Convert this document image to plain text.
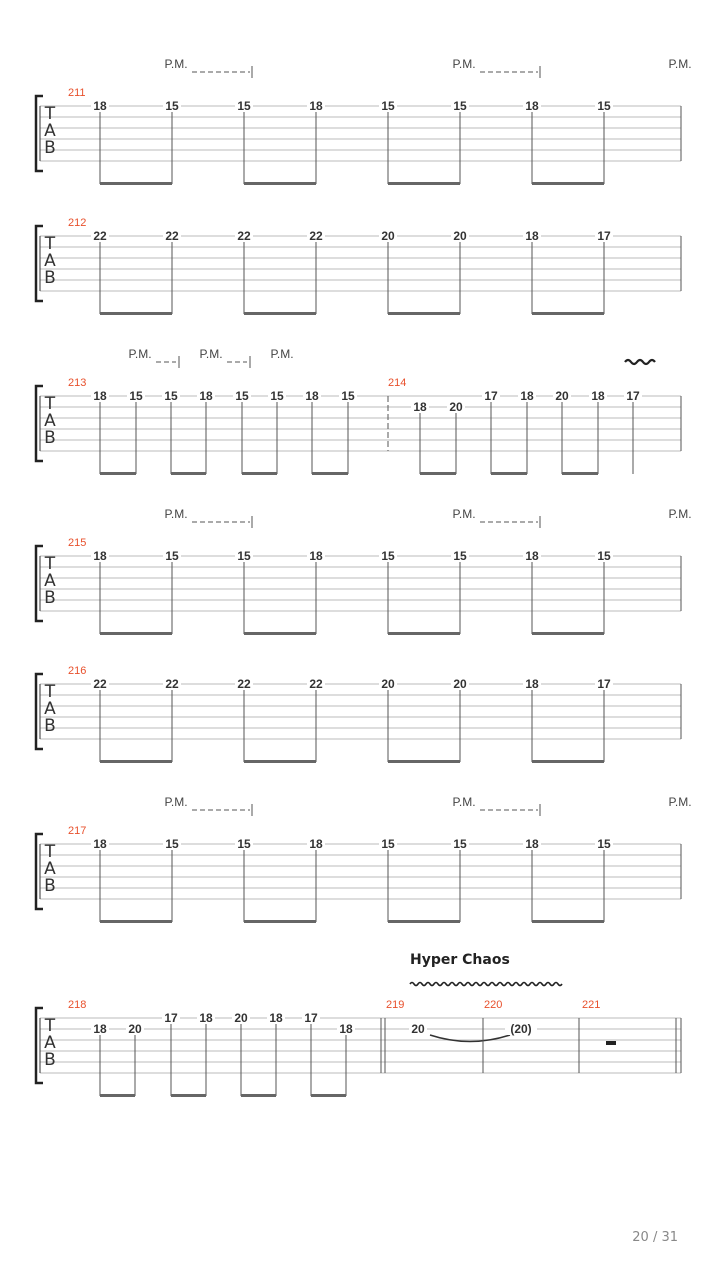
T
A
B
211
18
P.M.
15	15	18	15
P.M.
15	18	15
P.M.
T
A
B
212
22	22	22	22	20	20	18	17
T
A
B
213
18
P.M.
15 15
P.M.
18 15
P.M.
15 18 15
214
18 20
17 18 20 18 17
T
A
B
215
18
P.M.
15	15	18	15
P.M.
15	18	15
P.M.
T
A
B
216
22	22	22	22	20	20	18	17
T
A
B
217
18
P.M.
15	15	18	15
P.M.
15	18	15
P.M.
T
A
B
218
18 20
17 18 20 18 17
18
219
20
220
(20)
221
Hyper Chaos
20 / 31
